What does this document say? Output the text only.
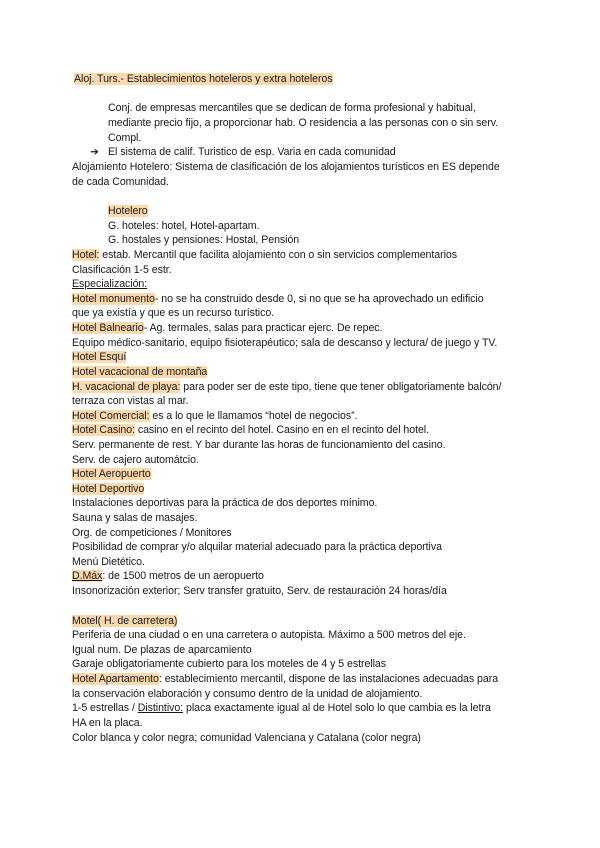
Aloj. Turs.- Establecimientos hoteleros y extra hoteleros
Conj. de empresas mercantiles que se dedican de forma profesional y habitual,
mediante precio fijo, a proporcionar hab. O residencia a las personas con o sin serv.
Compl.
➔ El sistema de calif. Turistico de esp. Varia en cada comunidad
Alojamiento Hotelero: Sistema de clasificación de los alojamientos turísticos en ES depende
de cada Comunidad.
Hotelero
G. hoteles: hotel, Hotel-apartam.
G. hostales y pensiones: Hostal, Pensión
Hotel: estab. Mercantil que facilita alojamiento con o sin servicios complementarios
Clasificación 1-5 estr.
Especialización:
Hotel monumento- no se ha construido desde 0, si no que se ha aprovechado un edificio
que ya existía y que es un recurso turístico.
Hotel Balneario- Ag. termales, salas para practicar ejerc. De repec.
Equipo médico-sanitario, equipo fisioterapéutico; sala de descanso y lectura/ de juego y TV.
Hotel Esquí
Hotel vacacional de montaña
H. vacacional de playa: para poder ser de este tipo, tiene que tener obligatoriamente balcón/
terraza con vistas al mar.
Hotel Comercial: es a lo que le llamamos “hotel de negocios”.
Hotel Casino: casino en el recinto del hotel. Casino en en el recinto del hotel.
Serv. permanente de rest. Y bar durante las horas de funcionamiento del casino.
Serv. de cajero automátcio.
Hotel Aeropuerto
Hotel Deportivo
Instalaciones deportivas para la práctica de dos deportes mínimo.
Sauna y salas de masajes.
Org. de competiciones / Monitores
Posibilidad de comprar y/o alquilar material adecuado para la práctica deportiva
Menú Dietético.
D.Máx: de 1500 metros de un aeropuerto
Insonorización exterior; Serv transfer gratuito, Serv. de restauración 24 horas/día
Motel( H. de carretera)
Periferia de una ciudad o en una carretera o autopista. Máximo a 500 metros del eje.
Igual num. De plazas de aparcamiento
Garaje obligatoriamente cubierto para los moteles de 4 y 5 estrellas
Hotel Apartamento: establecimiento mercantil, dispone de las instalaciones adecuadas para
la conservación elaboración y consumo dentro de la unidad de alojamiento.
1-5 estrellas / Distintivo: placa exactamente igual al de Hotel solo lo que cambia es la letra
HA en la placa.
Color blanca y color negra; comunidad Valenciana y Catalana (color negra)
